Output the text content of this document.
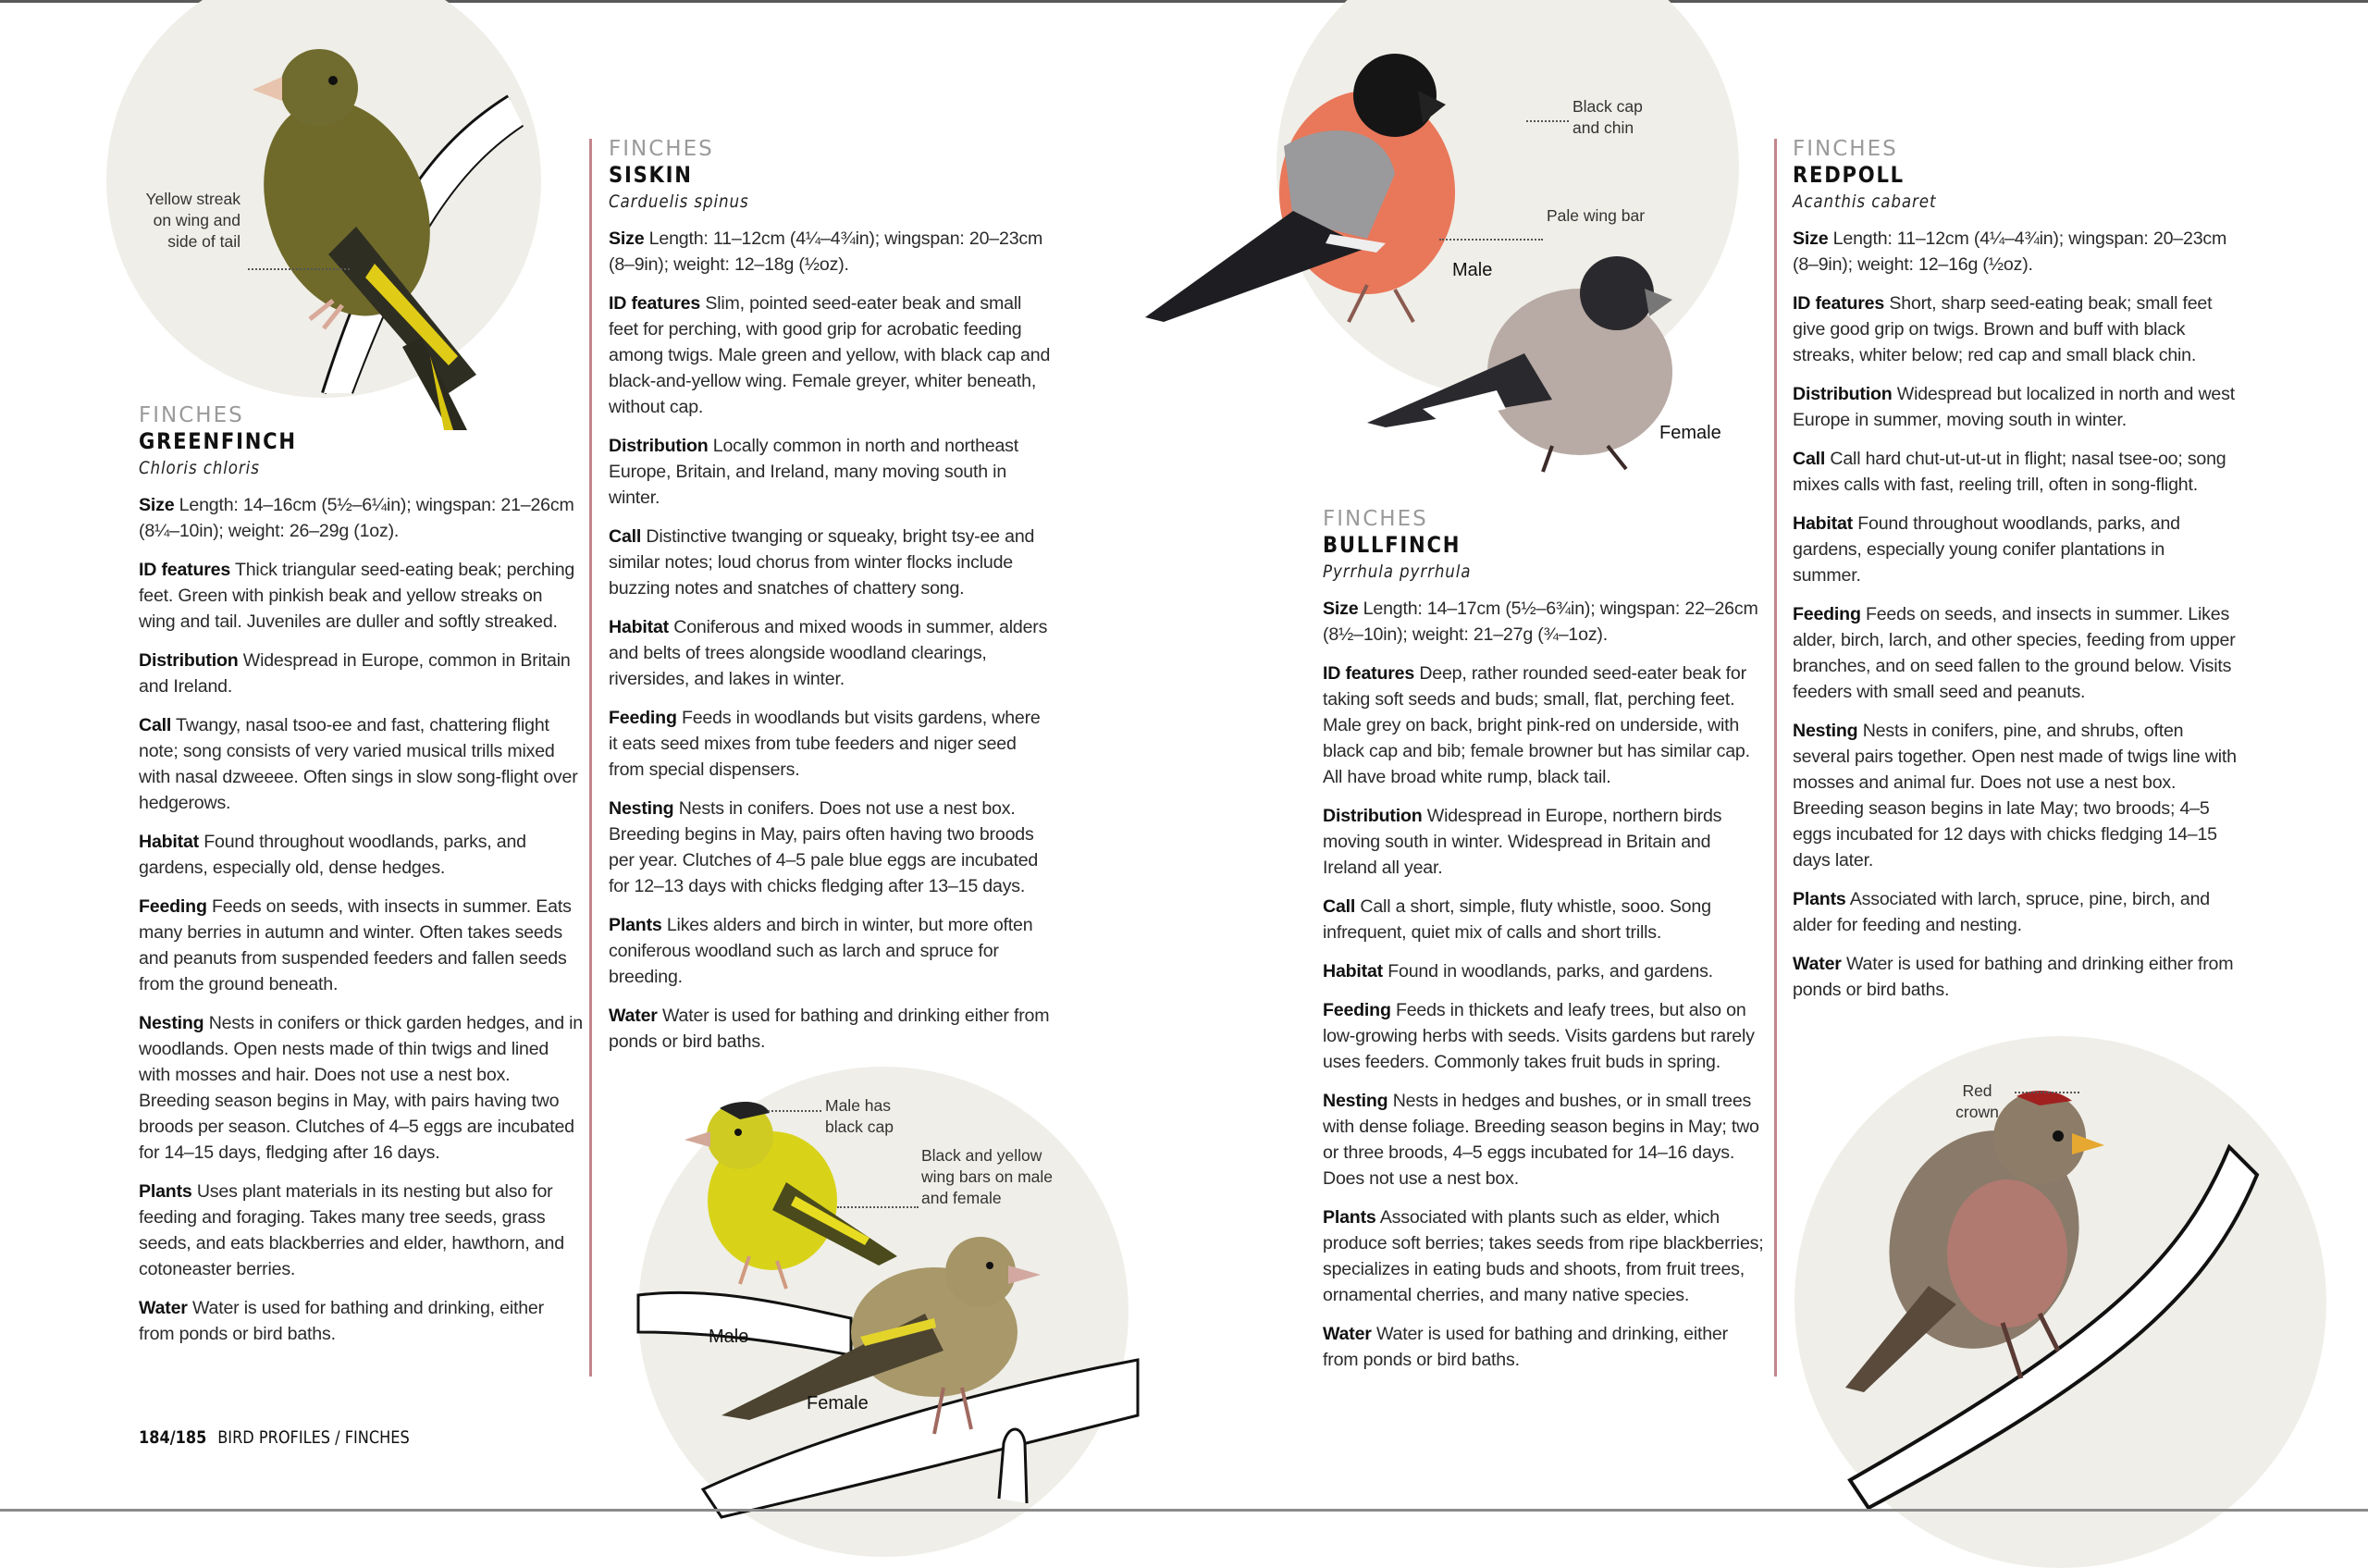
Yellow streak on wing and side of tail
FINCHES
GREENFINCH
Chloris chloris

Size Length: 14–16cm (5½–6¼in); wingspan: 21–26cm (8¼–10in); weight: 26–29g (1oz).

ID features Thick triangular seed-eating beak; perching feet. Green with pinkish beak and yellow streaks on wing and tail. Juveniles are duller and softly streaked.

Distribution Widespread in Europe, common in Britain and Ireland.

Call Twangy, nasal tsoo-ee and fast, chattering flight note; song consists of very varied musical trills mixed with nasal dzweeee. Often sings in slow song-flight over hedgerows.

Habitat Found throughout woodlands, parks, and gardens, especially old, dense hedges.

Feeding Feeds on seeds, with insects in summer. Eats many berries in autumn and winter. Often takes seeds and peanuts from suspended feeders and fallen seeds from the ground beneath.

Nesting Nests in conifers or thick garden hedges, and in woodlands. Open nests made of thin twigs and lined with mosses and hair. Does not use a nest box. Breeding season begins in May, with pairs having two broods per season. Clutches of 4–5 eggs are incubated for 14–15 days, fledging after 16 days.

Plants Uses plant materials in its nesting but also for feeding and foraging. Takes many tree seeds, grass seeds, and eats blackberries and elder, hawthorn, and cotoneaster berries.

Water Water is used for bathing and drinking, either from ponds or bird baths.

FINCHES
SISKIN
Carduelis spinus

Size Length: 11–12cm (4¼–4¾in); wingspan: 20–23cm (8–9in); weight: 12–18g (½oz).

ID features Slim, pointed seed-eater beak and small feet for perching, with good grip for acrobatic feeding among twigs. Male green and yellow, with black cap and black-and-yellow wing. Female greyer, whiter beneath, without cap.

Distribution Locally common in north and northeast Europe, Britain, and Ireland, many moving south in winter.

Call Distinctive twanging or squeaky, bright tsy-ee and similar notes; loud chorus from winter flocks include buzzing notes and snatches of chattery song.

Habitat Coniferous and mixed woods in summer, alders and belts of trees alongside woodland clearings, riversides, and lakes in winter.

Feeding Feeds in woodlands but visits gardens, where it eats seed mixes from tube feeders and niger seed from special dispensers.

Nesting Nests in conifers. Does not use a nest box. Breeding begins in May, pairs often having two broods per year. Clutches of 4–5 pale blue eggs are incubated for 12–13 days with chicks fledging after 13–15 days.

Plants Likes alders and birch in winter, but more often coniferous woodland such as larch and spruce for breeding.

Water Water is used for bathing and drinking either from ponds or bird baths.

Male has black cap
Black and yellow wing bars on male and female
Male
Female
Black cap and chin
Pale wing bar
Male
Female
FINCHES
BULLFINCH
Pyrrhula pyrrhula

Size Length: 14–17cm (5½–6¾in); wingspan: 22–26cm (8½–10in); weight: 21–27g (¾–1oz).

ID features Deep, rather rounded seed-eater beak for taking soft seeds and buds; small, flat, perching feet. Male grey on back, bright pink-red on underside, with black cap and bib; female browner but has similar cap. All have broad white rump, black tail.

Distribution Widespread in Europe, northern birds moving south in winter. Widespread in Britain and Ireland all year.

Call Call a short, simple, fluty whistle, sooo. Song infrequent, quiet mix of calls and short trills.

Habitat Found in woodlands, parks, and gardens.

Feeding Feeds in thickets and leafy trees, but also on low-growing herbs with seeds. Visits gardens but rarely uses feeders. Commonly takes fruit buds in spring.

Nesting Nests in hedges and bushes, or in small trees with dense foliage. Breeding season begins in May; two or three broods, 4–5 eggs incubated for 14–16 days. Does not use a nest box.

Plants Associated with plants such as elder, which produce soft berries; takes seeds from ripe blackberries; specializes in eating buds and shoots, from fruit trees, ornamental cherries, and many native species.

Water Water is used for bathing and drinking, either from ponds or bird baths.

FINCHES
REDPOLL
Acanthis cabaret

Size Length: 11–12cm (4¼–4¾in); wingspan: 20–23cm (8–9in); weight: 12–16g (½oz).

ID features Short, sharp seed-eating beak; small feet give good grip on twigs. Brown and buff with black streaks, whiter below; red cap and small black chin.

Distribution Widespread but localized in north and west Europe in summer, moving south in winter.

Call Call hard chut-ut-ut-ut in flight; nasal tsee-oo; song mixes calls with fast, reeling trill, often in song-flight.

Habitat Found throughout woodlands, parks, and gardens, especially young conifer plantations in summer.

Feeding Feeds on seeds, and insects in summer. Likes alder, birch, larch, and other species, feeding from upper branches, and on seed fallen to the ground below. Visits feeders with small seed and peanuts.

Nesting Nests in conifers, pine, and shrubs, often several pairs together. Open nest made of twigs line with mosses and animal fur. Does not use a nest box. Breeding season begins in late May; two broods; 4–5 eggs incubated for 12 days with chicks fledging 14–15 days later.

Plants Associated with larch, spruce, pine, birch, and alder for feeding and nesting.

Water Water is used for bathing and drinking either from ponds or bird baths.

Red crown
184/185 BIRD PROFILES / FINCHES
